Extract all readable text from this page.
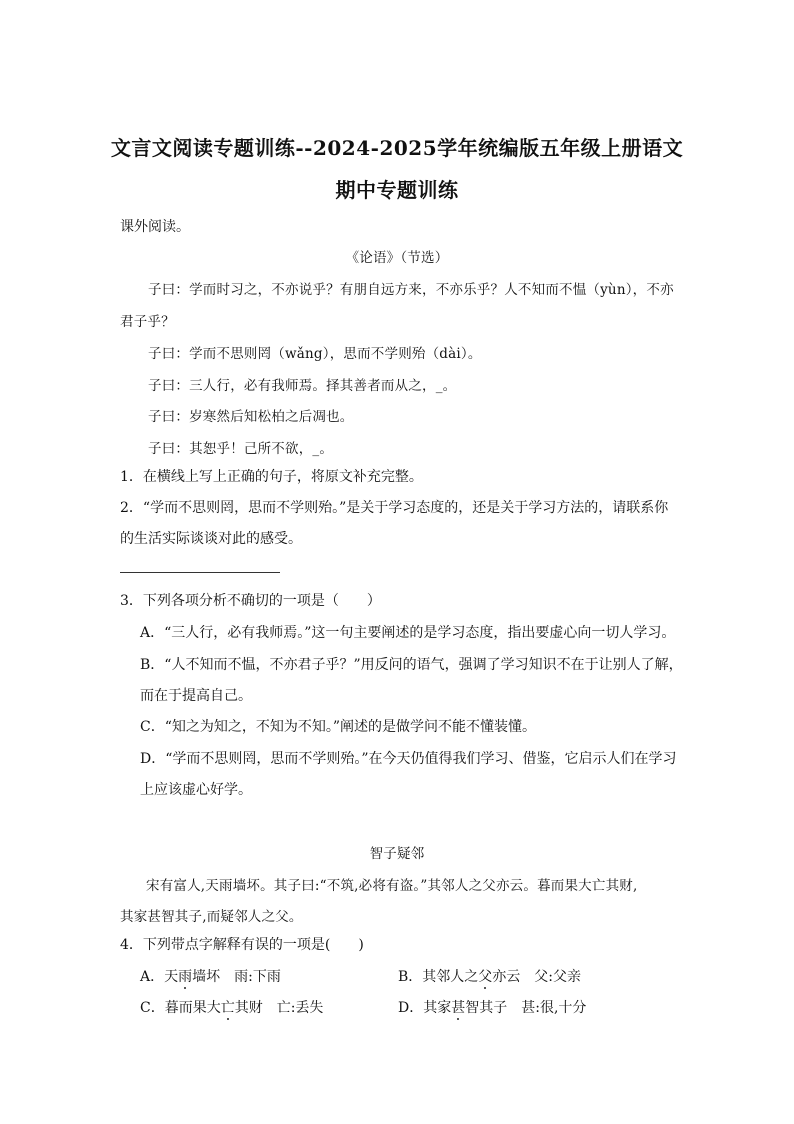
文言文阅读专题训练--2024-2025学年统编版五年级上册语文
期中专题训练
课外阅读。
《论语》（节选）
子曰：学而时习之，不亦说乎？有朋自远方来，不亦乐乎？人不知而不愠（yùn），不亦
君子乎？
子曰：学而不思则罔（wǎng），思而不学则殆（dài）。
子曰：三人行，必有我师焉。择其善者而从之，_。
子曰：岁寒然后知松柏之后凋也。
子曰：其恕乎！己所不欲，_。
1．在横线上写上正确的句子，将原文补充完整。
2．“学而不思则罔，思而不学则殆。”是关于学习态度的，还是关于学习方法的，请联系你
的生活实际谈谈对此的感受。
3．下列各项分析不确切的一项是（　　）
A．“三人行，必有我师焉。”这一句主要阐述的是学习态度，指出要虚心向一切人学习。
B．“人不知而不愠，不亦君子乎？”用反问的语气，强调了学习知识不在于让别人了解，
而在于提高自己。
C．“知之为知之，不知为不知。”阐述的是做学问不能不懂装懂。
D．“学而不思则罔，思而不学则殆。”在今天仍值得我们学习、借鉴，它启示人们在学习
上应该虚心好学。
智子疑邻
宋有富人,天雨墙坏。其子曰:“不筑,必将有盗。”其邻人之父亦云。暮而果大亡其财,
其家甚智其子,而疑邻人之父。
4．下列带点字解释有误的一项是(　　)
A．天雨墙坏　雨:下雨	B．其邻人之父亦云　父:父亲
C．暮而果大亡其财　亡:丢失	D．其家甚智其子　甚:很,十分
